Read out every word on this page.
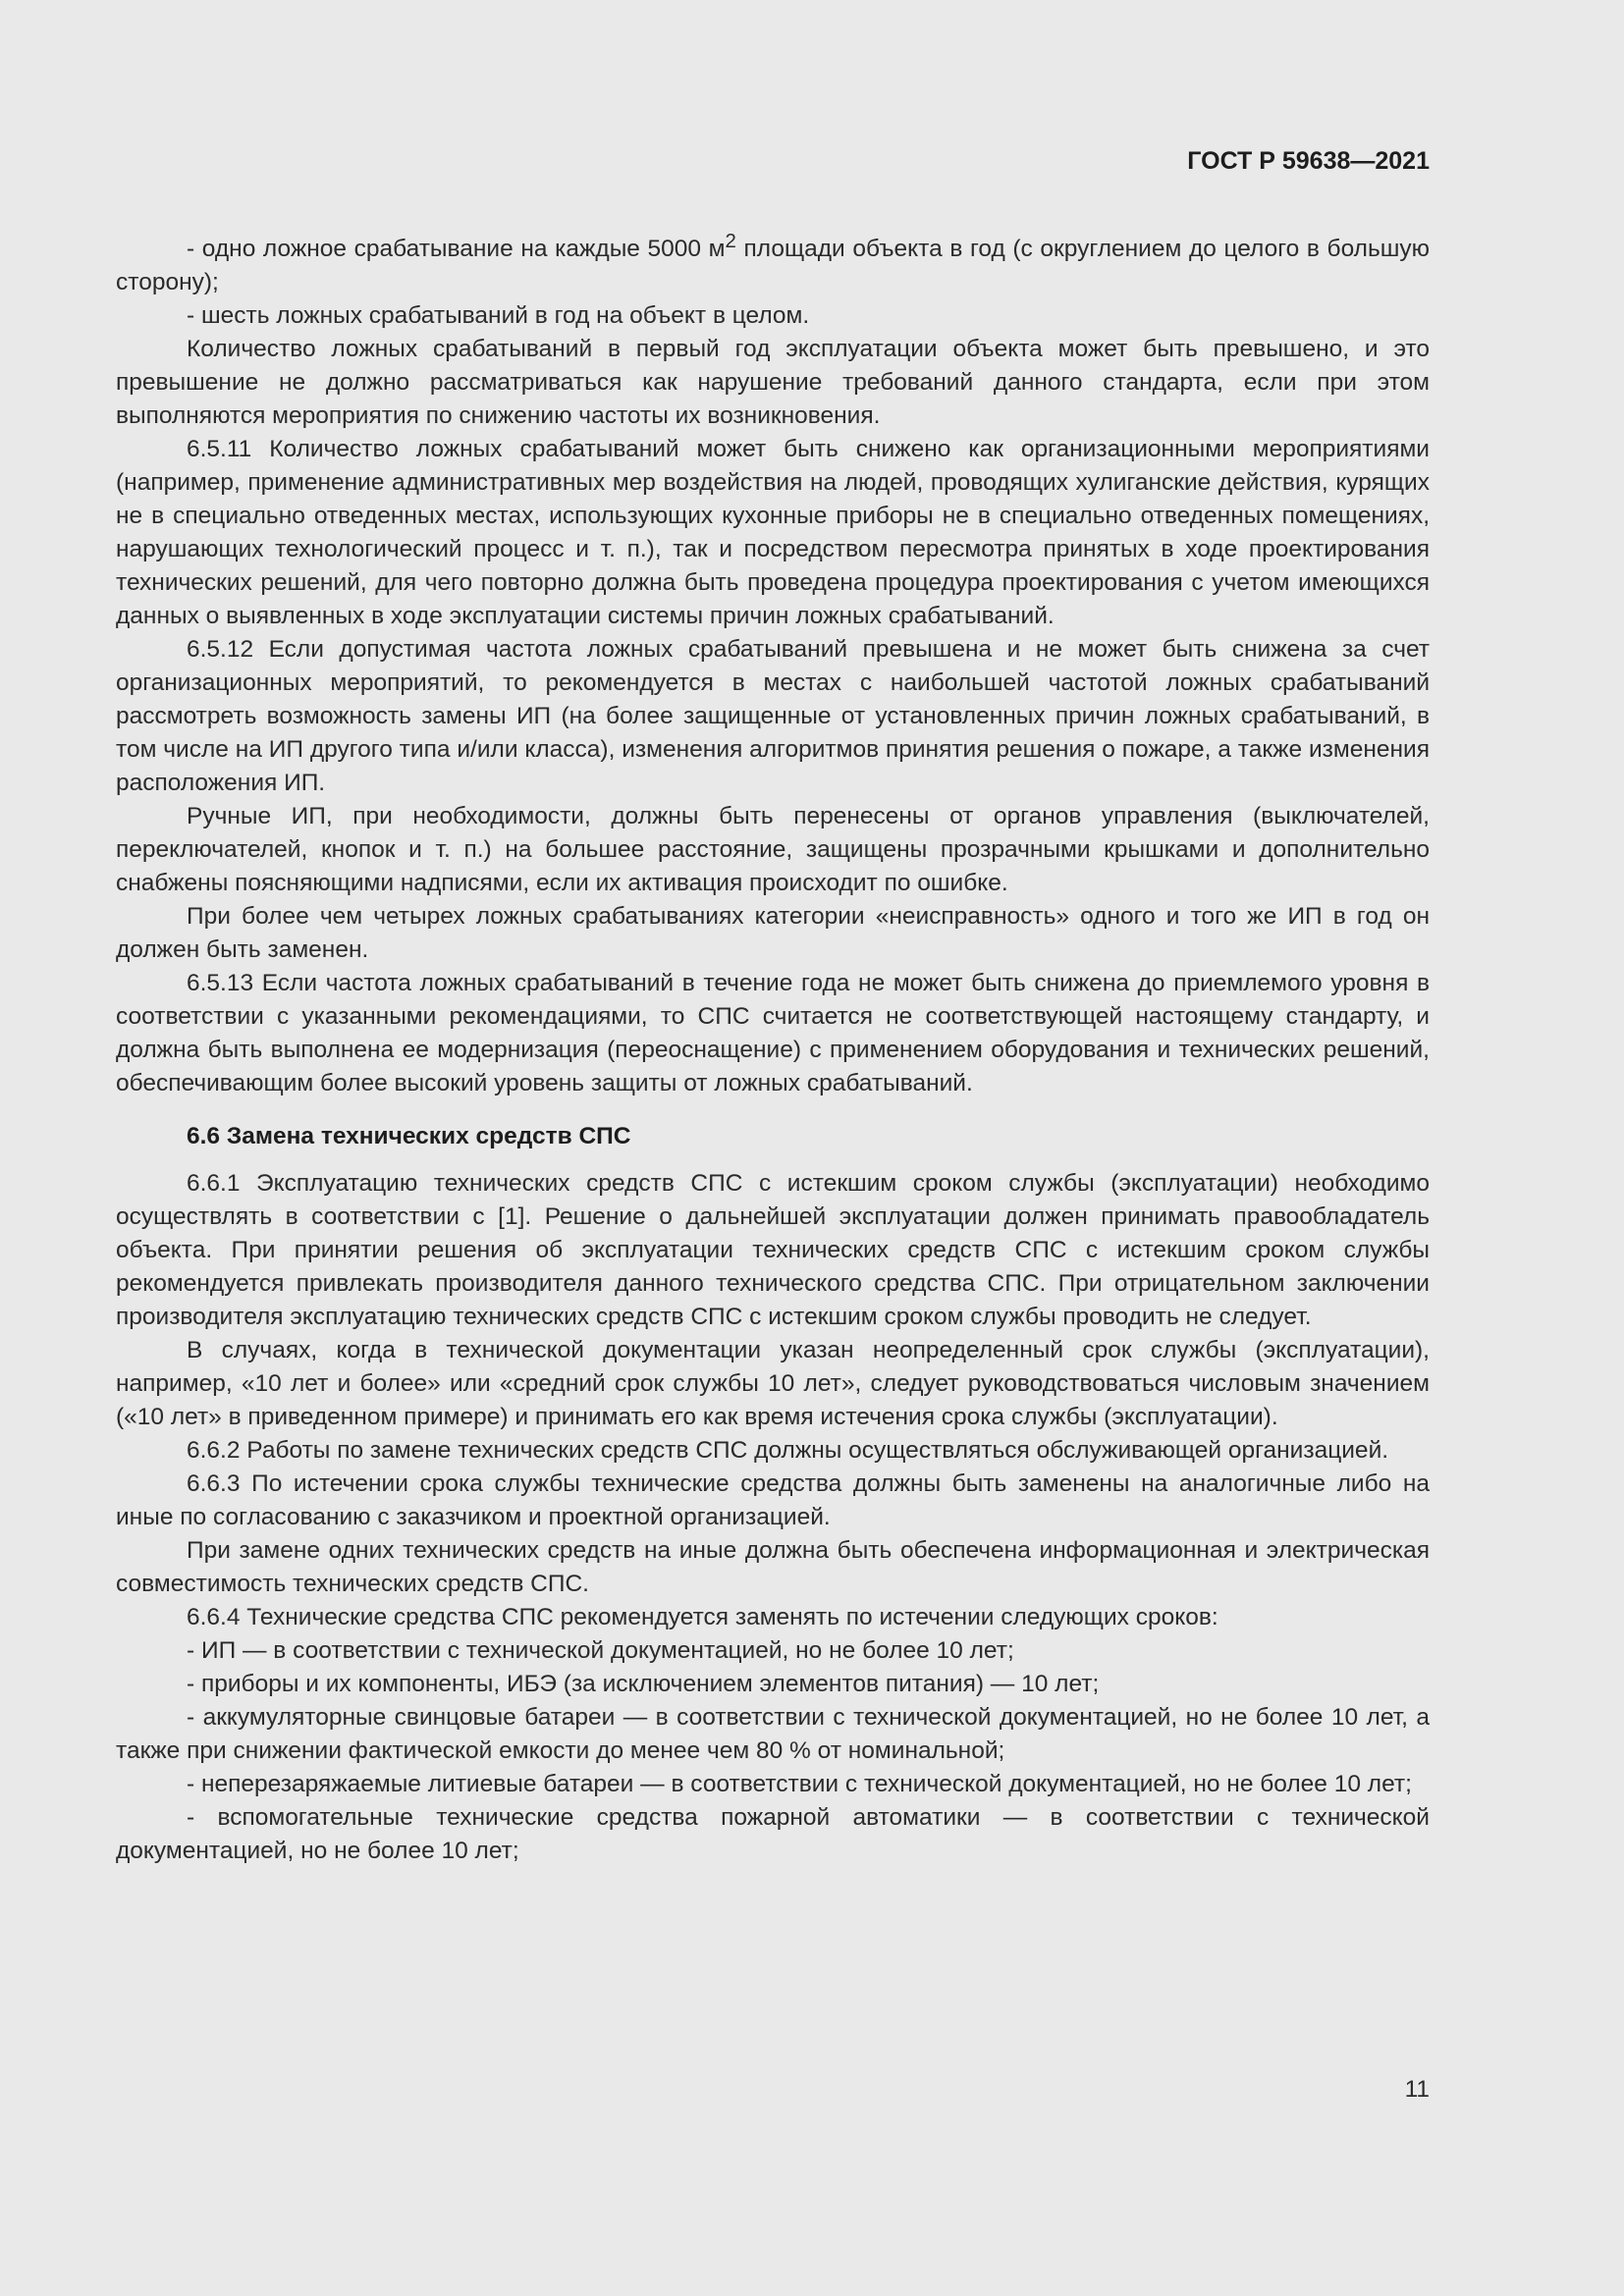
ГОСТ Р 59638—2021

- одно ложное срабатывание на каждые 5000 $м^2$ площади объекта в год (с округлением до целого в большую сторону);

- шесть ложных срабатываний в год на объект в целом.

Количество ложных срабатываний в первый год эксплуатации объекта может быть превышено, и это превышение не должно рассматриваться как нарушение требований данного стандарта, если при этом выполняются мероприятия по снижению частоты их возникновения.

6.5.11 Количество ложных срабатываний может быть снижено как организационными мероприятиями (например, применение административных мер воздействия на людей, проводящих хулиганские действия, курящих не в специально отведенных местах, использующих кухонные приборы не в специально отведенных помещениях, нарушающих технологический процесс и т. п.), так и посредством пересмотра принятых в ходе проектирования технических решений, для чего повторно должна быть проведена процедура проектирования с учетом имеющихся данных о выявленных в ходе эксплуатации системы причин ложных срабатываний.

6.5.12 Если допустимая частота ложных срабатываний превышена и не может быть снижена за счет организационных мероприятий, то рекомендуется в местах с наибольшей частотой ложных срабатываний рассмотреть возможность замены ИП (на более защищенные от установленных причин ложных срабатываний, в том числе на ИП другого типа и/или класса), изменения алгоритмов принятия решения о пожаре, а также изменения расположения ИП.

Ручные ИП, при необходимости, должны быть перенесены от органов управления (выключателей, переключателей, кнопок и т. п.) на большее расстояние, защищены прозрачными крышками и дополнительно снабжены поясняющими надписями, если их активация происходит по ошибке.

При более чем четырех ложных срабатываниях категории «неисправность» одного и того же ИП в год он должен быть заменен.

6.5.13 Если частота ложных срабатываний в течение года не может быть снижена до приемлемого уровня в соответствии с указанными рекомендациями, то СПС считается не соответствующей настоящему стандарту, и должна быть выполнена ее модернизация (переоснащение) с применением оборудования и технических решений, обеспечивающим более высокий уровень защиты от ложных срабатываний.

6.6 Замена технических средств СПС

6.6.1 Эксплуатацию технических средств СПС с истекшим сроком службы (эксплуатации) необходимо осуществлять в соответствии с [1]. Решение о дальнейшей эксплуатации должен принимать правообладатель объекта. При принятии решения об эксплуатации технических средств СПС с истекшим сроком службы рекомендуется привлекать производителя данного технического средства СПС. При отрицательном заключении производителя эксплуатацию технических средств СПС с истекшим сроком службы проводить не следует.

В случаях, когда в технической документации указан неопределенный срок службы (эксплуатации), например, «10 лет и более» или «средний срок службы 10 лет», следует руководствоваться числовым значением («10 лет» в приведенном примере) и принимать его как время истечения срока службы (эксплуатации).

6.6.2 Работы по замене технических средств СПС должны осуществляться обслуживающей организацией.

6.6.3 По истечении срока службы технические средства должны быть заменены на аналогичные либо на иные по согласованию с заказчиком и проектной организацией.

При замене одних технических средств на иные должна быть обеспечена информационная и электрическая совместимость технических средств СПС.

6.6.4 Технические средства СПС рекомендуется заменять по истечении следующих сроков:

- ИП — в соответствии с технической документацией, но не более 10 лет;

- приборы и их компоненты, ИБЭ (за исключением элементов питания) — 10 лет;

- аккумуляторные свинцовые батареи — в соответствии с технической документацией, но не более 10 лет, а также при снижении фактической емкости до менее чем 80 % от номинальной;

- неперезаряжаемые литиевые батареи — в соответствии с технической документацией, но не более 10 лет;

- вспомогательные технические средства пожарной автоматики — в соответствии с технической документацией, но не более 10 лет;

11
